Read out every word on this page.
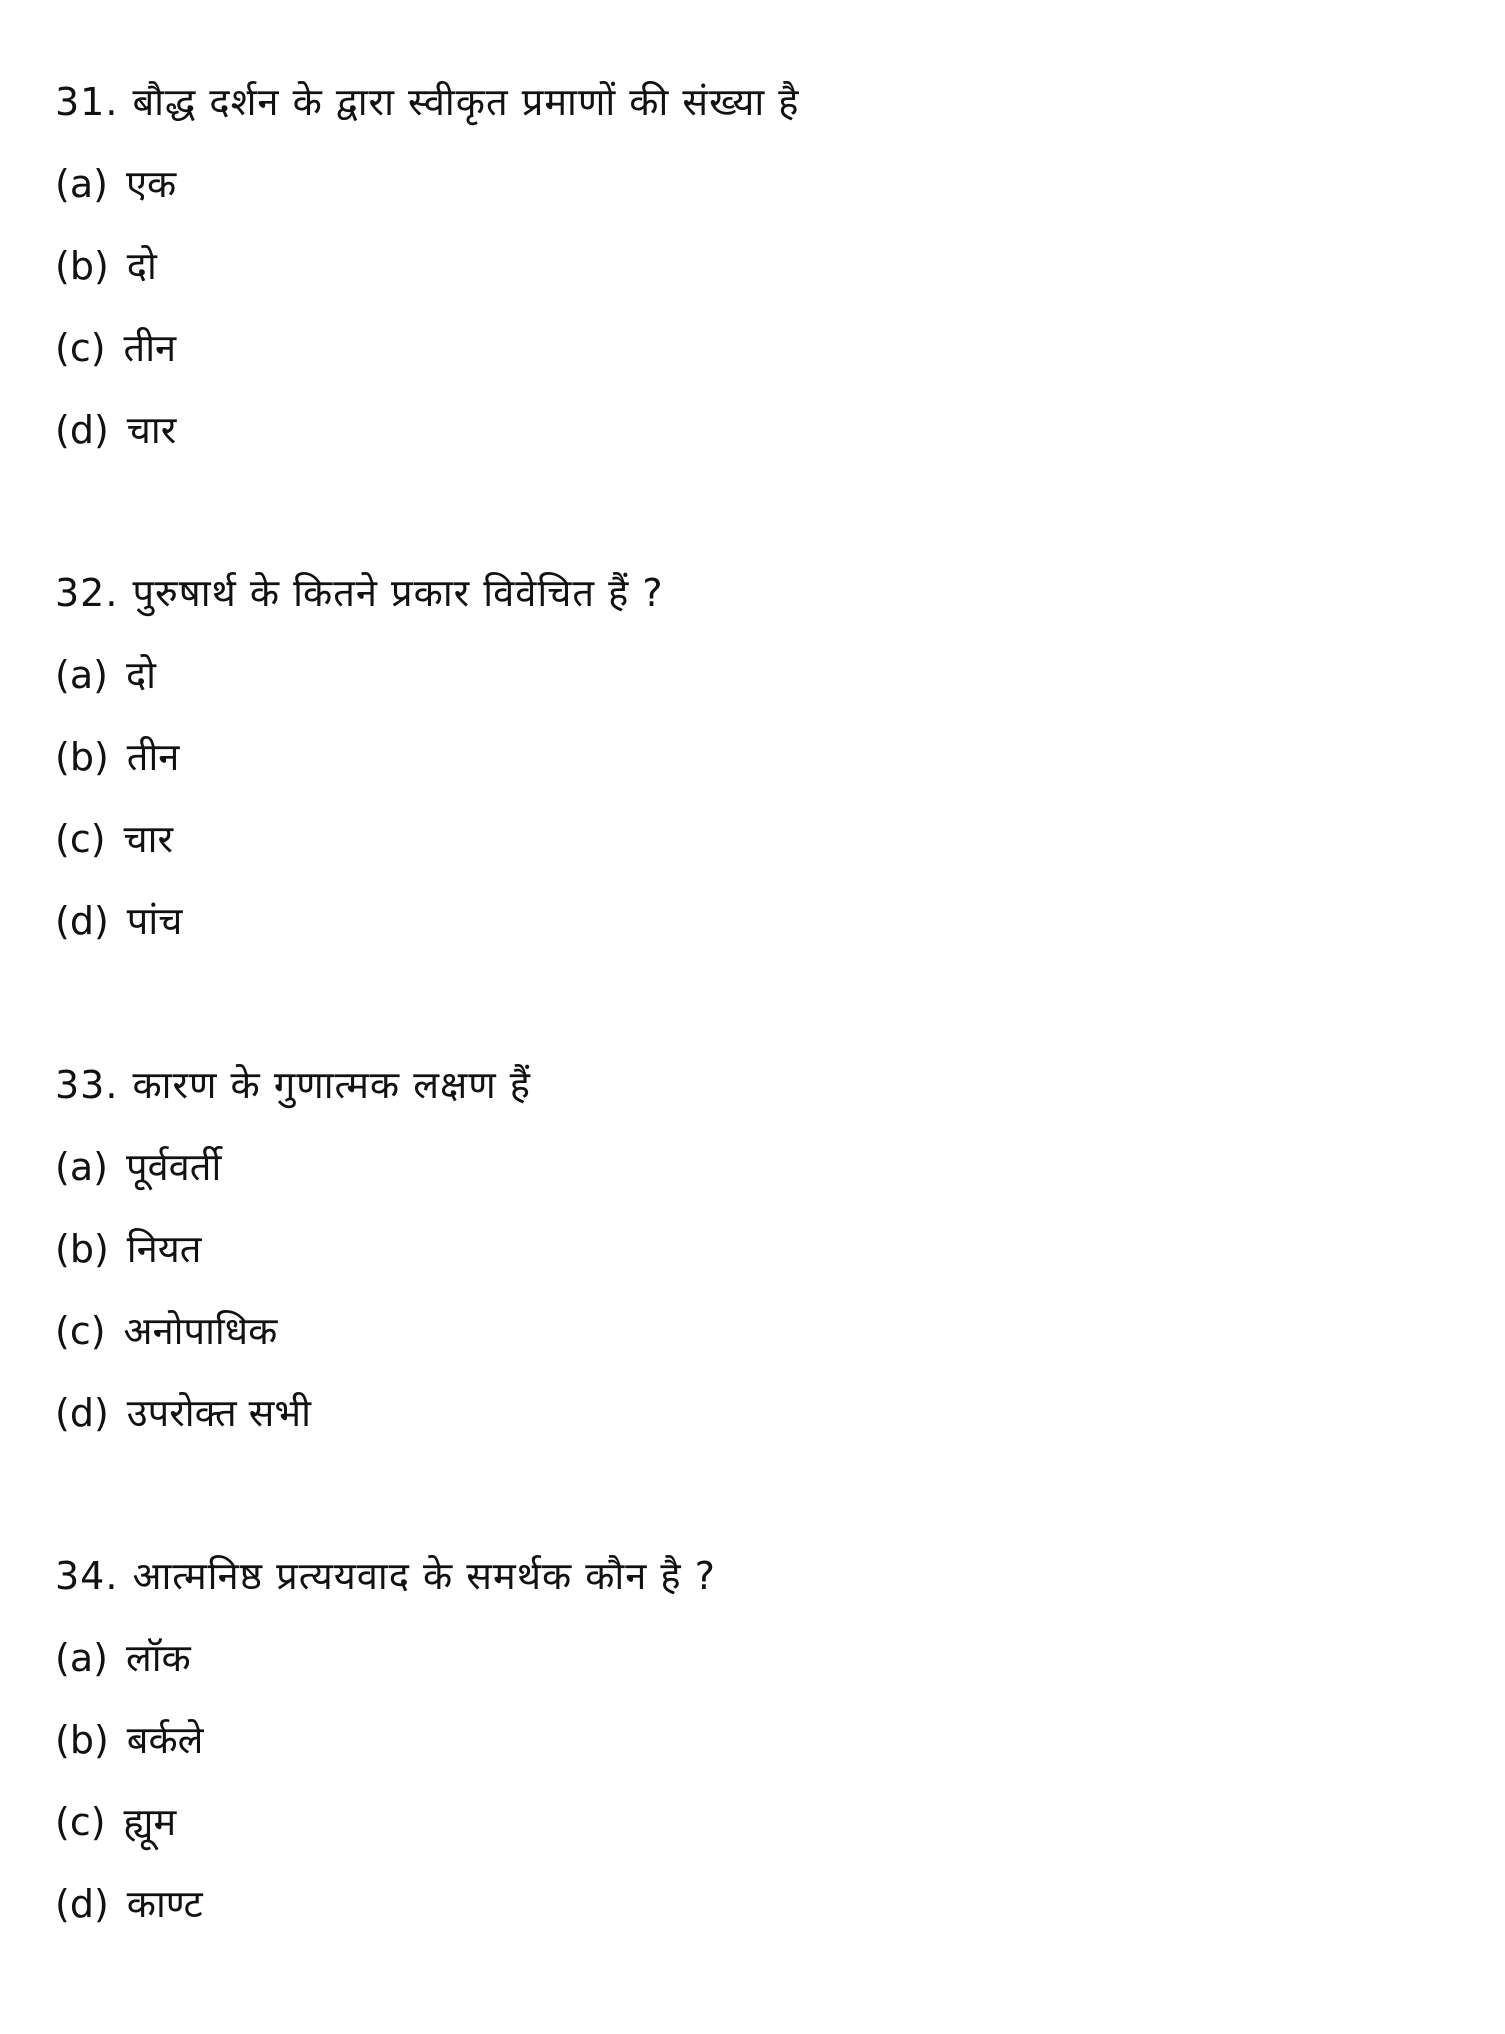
31. बौद्ध दर्शन के द्वारा स्वीकृत प्रमाणों की संख्या है
(a) एक
(b) दो
(c) तीन
(d) चार
32. पुरुषार्थ के कितने प्रकार विवेचित हैं ?
(a) दो
(b) तीन
(c) चार
(d) पांच
33. कारण के गुणात्मक लक्षण हैं
(a) पूर्ववर्ती
(b) नियत
(c) अनोपाधिक
(d) उपरोक्त सभी
34. आत्मनिष्ठ प्रत्ययवाद के समर्थक कौन है ?
(a) लॉक
(b) बर्कले
(c) ह्यूम
(d) काण्ट
